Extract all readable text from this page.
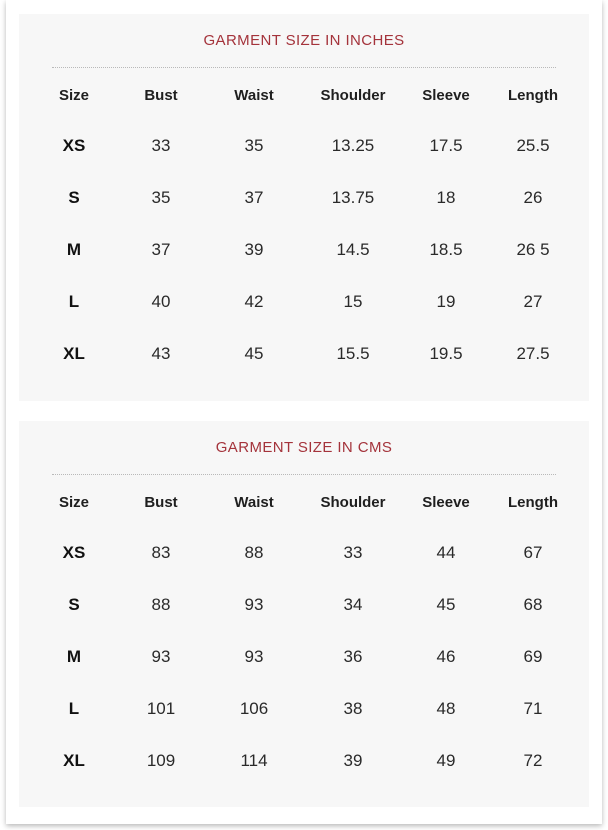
GARMENT SIZE IN INCHES
Size	Bust	Waist	Shoulder	Sleeve	Length
XS	33	35	13.25	17.5	25.5
S	35	37	13.75	18	26
M	37	39	14.5	18.5	26 5
L	40	42	15	19	27
XL	43	45	15.5	19.5	27.5
GARMENT SIZE IN CMS
Size	Bust	Waist	Shoulder	Sleeve	Length
XS	83	88	33	44	67
S	88	93	34	45	68
M	93	93	36	46	69
L	101	106	38	48	71
XL	109	114	39	49	72
